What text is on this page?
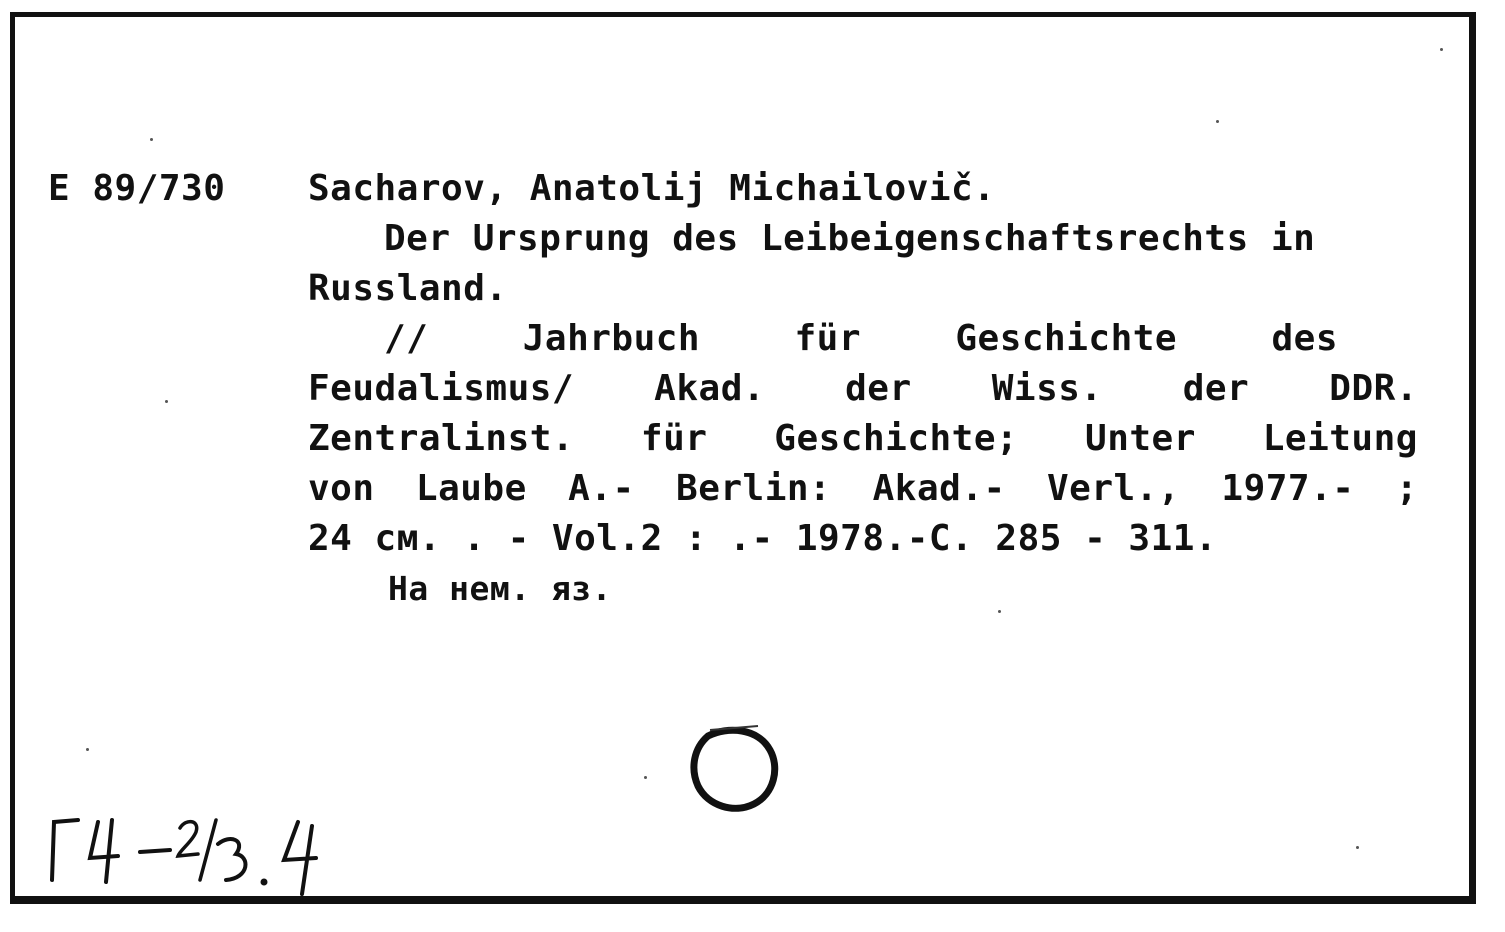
E 89/730 Sacharov, Anatolij Michailovič.
Der Ursprung des Leibeigenschaftsrechts in
Russland.
//	Jahrbuch	für	Geschichte	des
Feudalismus/ Akad. der Wiss. der DDR.
Zentralinst. für Geschichte; Unter Leitung
von Laube A.- Berlin: Akad.- Verl., 1977.- ;
24 см. . - Vol.2 : .- 1978.-С. 285 - 311.
На нем. яз.
